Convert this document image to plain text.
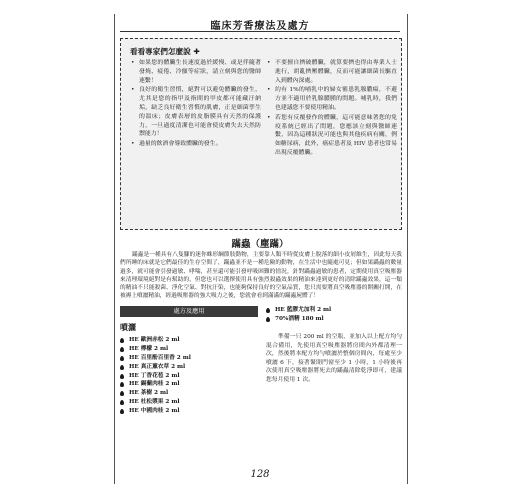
臨床芳香療法及處方
看看專家們怎麼說 ✚
• 如果您的體臟生長速度過於緩慢、或是伴隨著發燒、疲倦、冷顫等症狀，請立刻與您的醫師連繫！
• 良好的衛生習慣，絕對可以避免體臟的發生，尤其是您的指甲及指間的甲皮都可能藏汙納垢，缺乏良好衛生習慣的肌膚，正是細菌孳生的溫床；皮膚表層的皮脂膜具有天然的保護力，一旦過度清潔也可能會使皮膚失去天然防禦能力！
• 過量的飲酒會導致體臟的發生。
• 不要擅自擠破體臟，就算要擠也得由專業人士進行，胡亂擠壓體臟，反而可能讓細菌長驅直入到體內深處。
• 約有 1%的哺乳中的婦女罹患乳腺膿瘍，不避方並不適用於乳腺膿腫的問題。哺乳時，我們也建議您不要使用精油。
• 若您有反覆發作的體臟，這可能意味著您的免疫系統已經出了問題，您應該立刻與醫師連繫，因為這種狀況可能也與其他疾病有關，例如糖尿病，此外，癌症患者及 HIV 患者也常易出現反覆體臟。
蹣蟲（塵蹣）

蹣蟲是一種具有八隻腳的迷你蛛形綱節肢動物，主要靠人類不時從皮膚上脫落的細小皮屑維生，因此每天我們所睡的床就是它們最佳的生存空間了，蹣蟲並不是一種危險的動物，在生活中也隨處可見；但如果蹣蟲的數量過多，就可能會引發過敏、哮喘，甚至還可能引發呼吸困難的情況，針對蹣蟲過敏的患者，定期使用真空吸塵器來清理環境絕對是有幫助的，但您也可以選擇使用具有強烈殺蟲效果的精油來達到更好的清除蹣蟲效果，這一類的精油不只能殺菌、淨化空氣、對抗汙染，也能夠保持良好的空氣品質，您只需要將真空吸塵器的開關打開，在被褥上噴灑精油，經過吸塵器的強大吸力之後，您就會看到滿滿的蹣蟲屍體了！

處方及應用
噴灑
HE 歐洲赤松 2 ml
HE 檸檬 2 ml
HE 百里酚百里香 2 ml
HE 真正薰衣草 2 ml
HE 丁香花苞 2 ml
HE 錫蘭肉桂 2 ml
HE 茶樹 2 ml
HE 杜松漿果 2 ml
HE 中國肉桂 2 ml
HE 藍膠尤加利 2 ml
70%酒精 180 ml

準備一只 200 ml 的空瓶，並加入以上配方均勻混合備用，先使用真空吸塵器將房間內外都清理一次，然後將本配方均勻噴灑於整個房間內，每處至少噴灑 6 下，接著緊閉門窗至少 1 小時，1 小時後再次使用真空吸塵器將死去的蹣蟲清除乾淨即可，建議您每月使用 1 次。

128
